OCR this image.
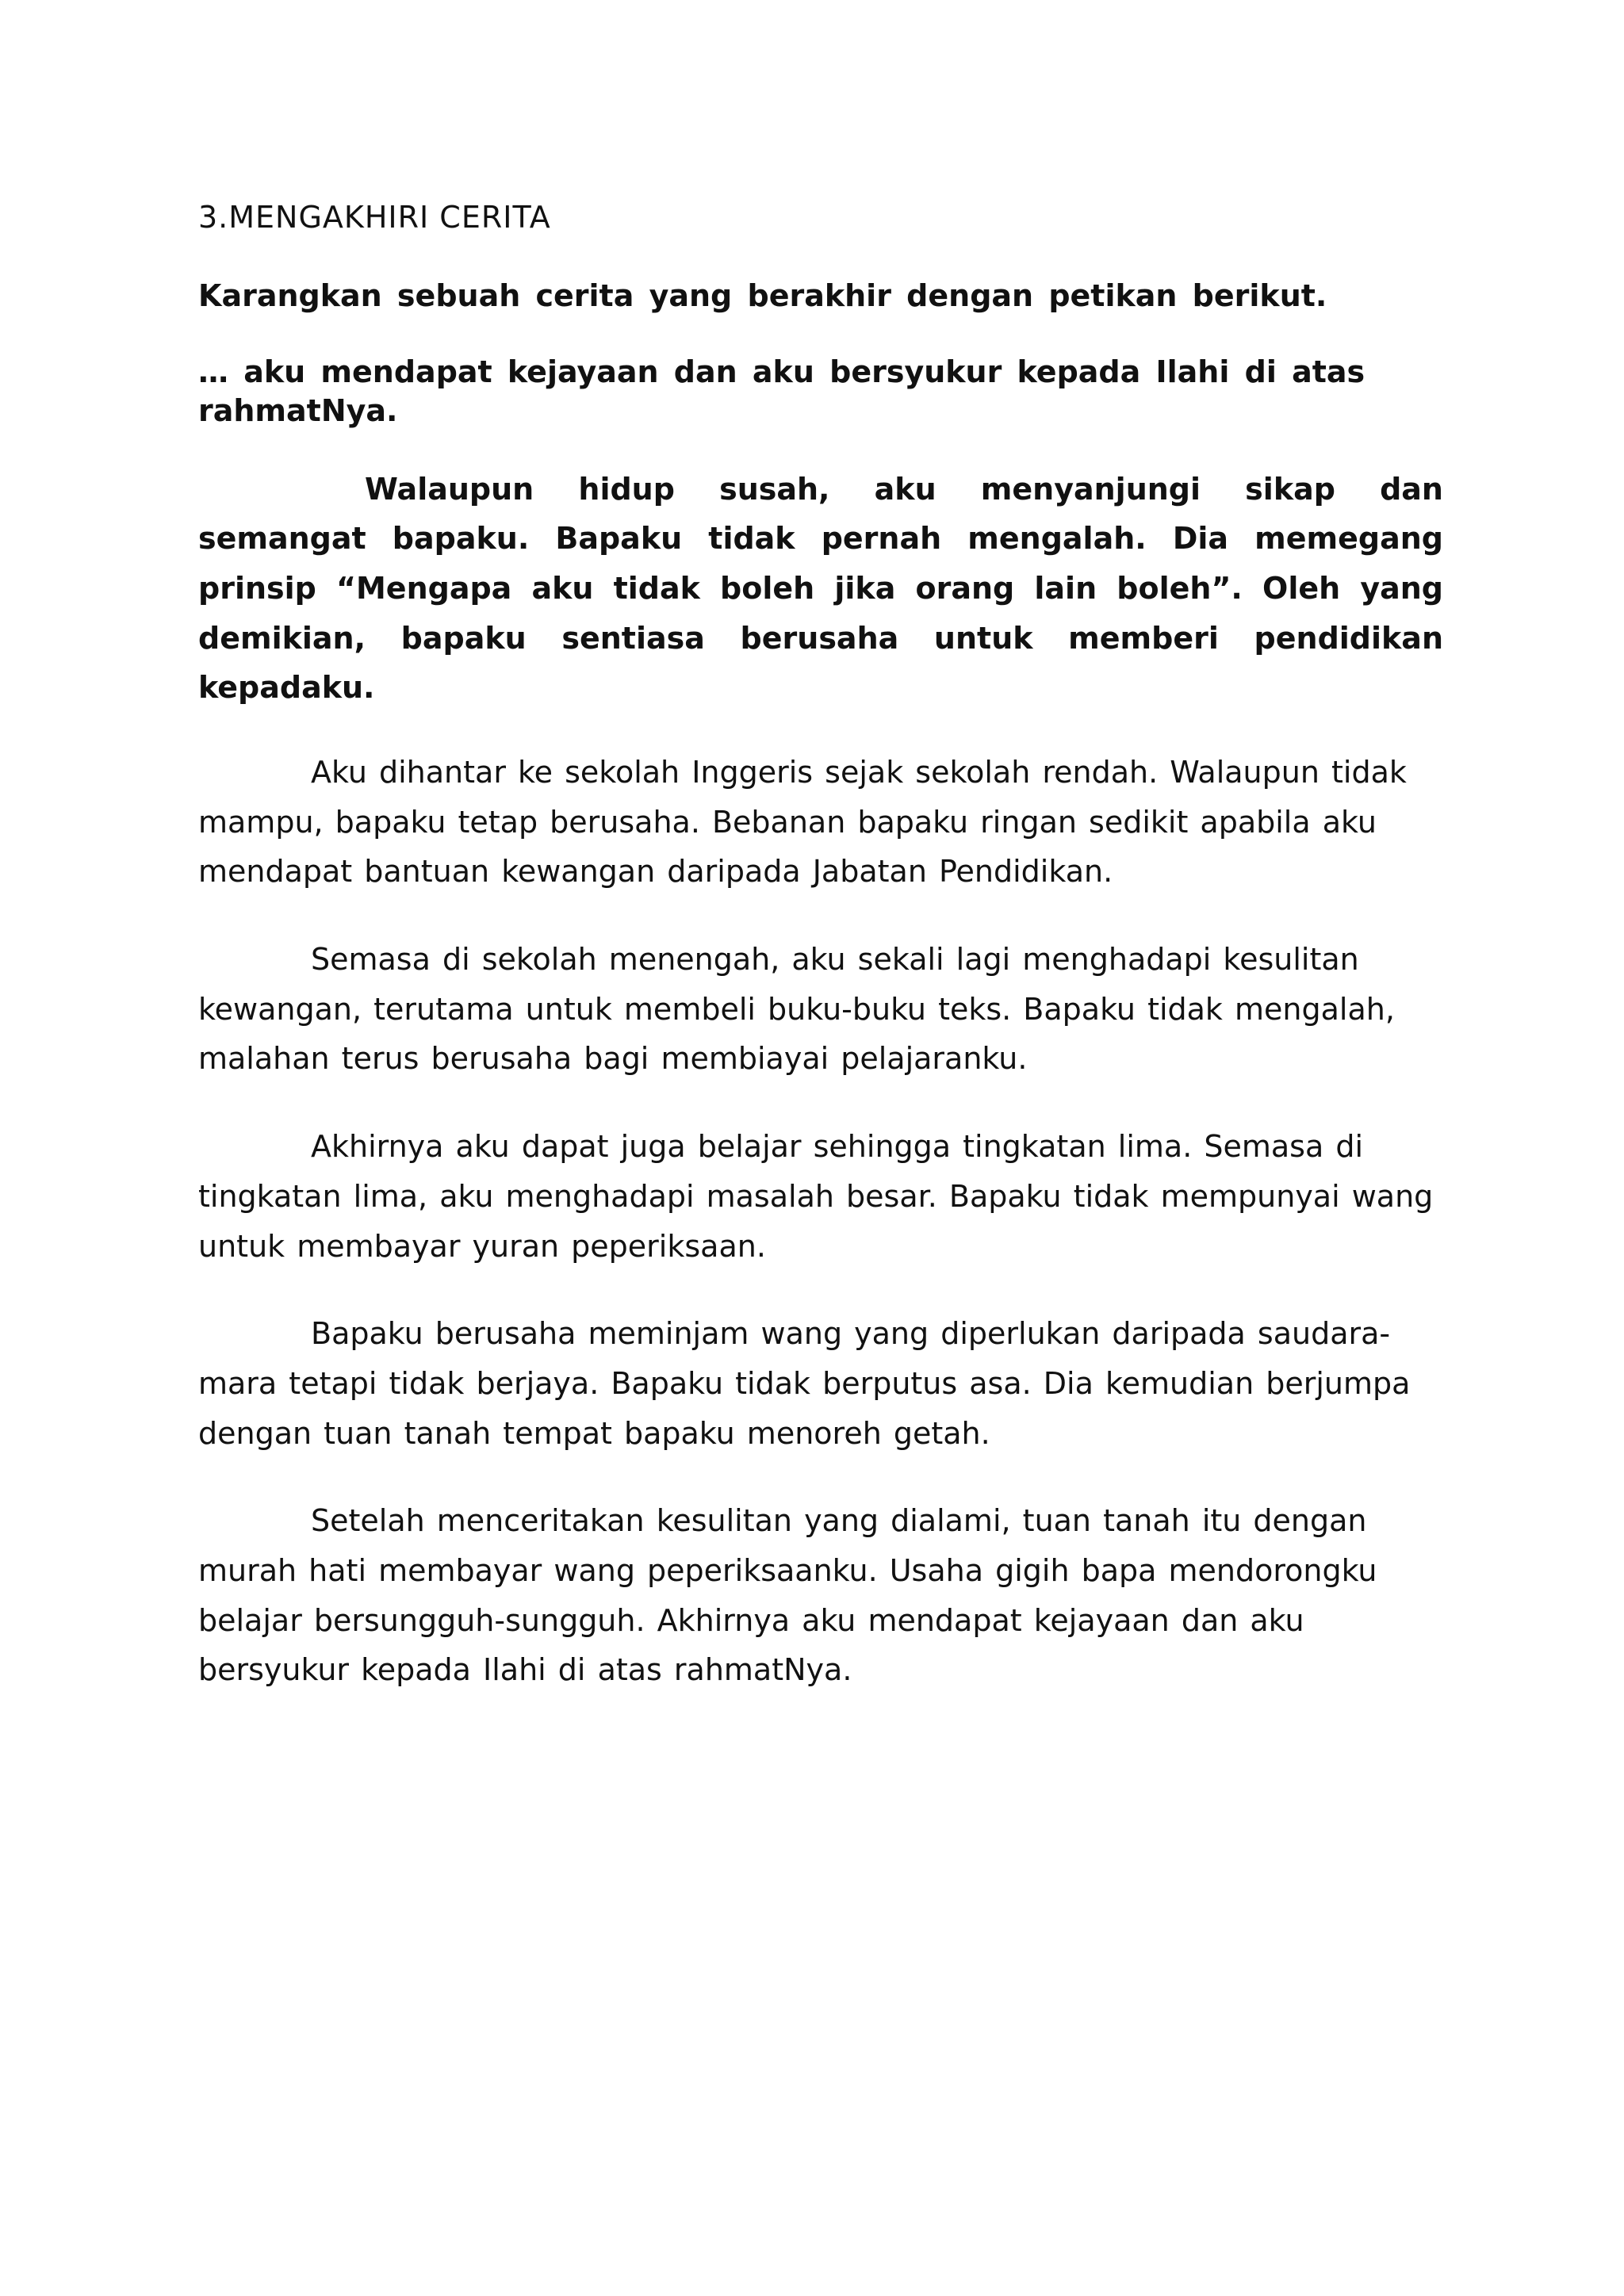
3.MENGAKHIRI CERITA

Karangkan sebuah cerita yang berakhir dengan petikan berikut.

… aku mendapat kejayaan dan aku bersyukur kepada Ilahi di atas rahmatNya.

Walaupun hidup susah, aku menyanjungi sikap dan semangat bapaku. Bapaku tidak pernah mengalah. Dia memegang prinsip “Mengapa aku tidak boleh jika orang lain boleh”. Oleh yang demikian, bapaku sentiasa berusaha untuk memberi pendidikan kepadaku.

Aku dihantar ke sekolah Inggeris sejak sekolah rendah. Walaupun tidak mampu, bapaku tetap berusaha. Bebanan bapaku ringan sedikit apabila aku mendapat bantuan kewangan daripada Jabatan Pendidikan.

Semasa di sekolah menengah, aku sekali lagi menghadapi kesulitan kewangan, terutama untuk membeli buku-buku teks. Bapaku tidak mengalah, malahan terus berusaha bagi membiayai pelajaranku.

Akhirnya aku dapat juga belajar sehingga tingkatan lima. Semasa di tingkatan lima, aku menghadapi masalah besar. Bapaku tidak mempunyai wang untuk membayar yuran peperiksaan.

Bapaku berusaha meminjam wang yang diperlukan daripada saudara-mara tetapi tidak berjaya. Bapaku tidak berputus asa. Dia kemudian berjumpa dengan tuan tanah tempat bapaku menoreh getah.

Setelah menceritakan kesulitan yang dialami, tuan tanah itu dengan murah hati membayar wang peperiksaanku. Usaha gigih bapa mendorongku belajar bersungguh-sungguh. Akhirnya aku mendapat kejayaan dan aku bersyukur kepada Ilahi di atas rahmatNya.
